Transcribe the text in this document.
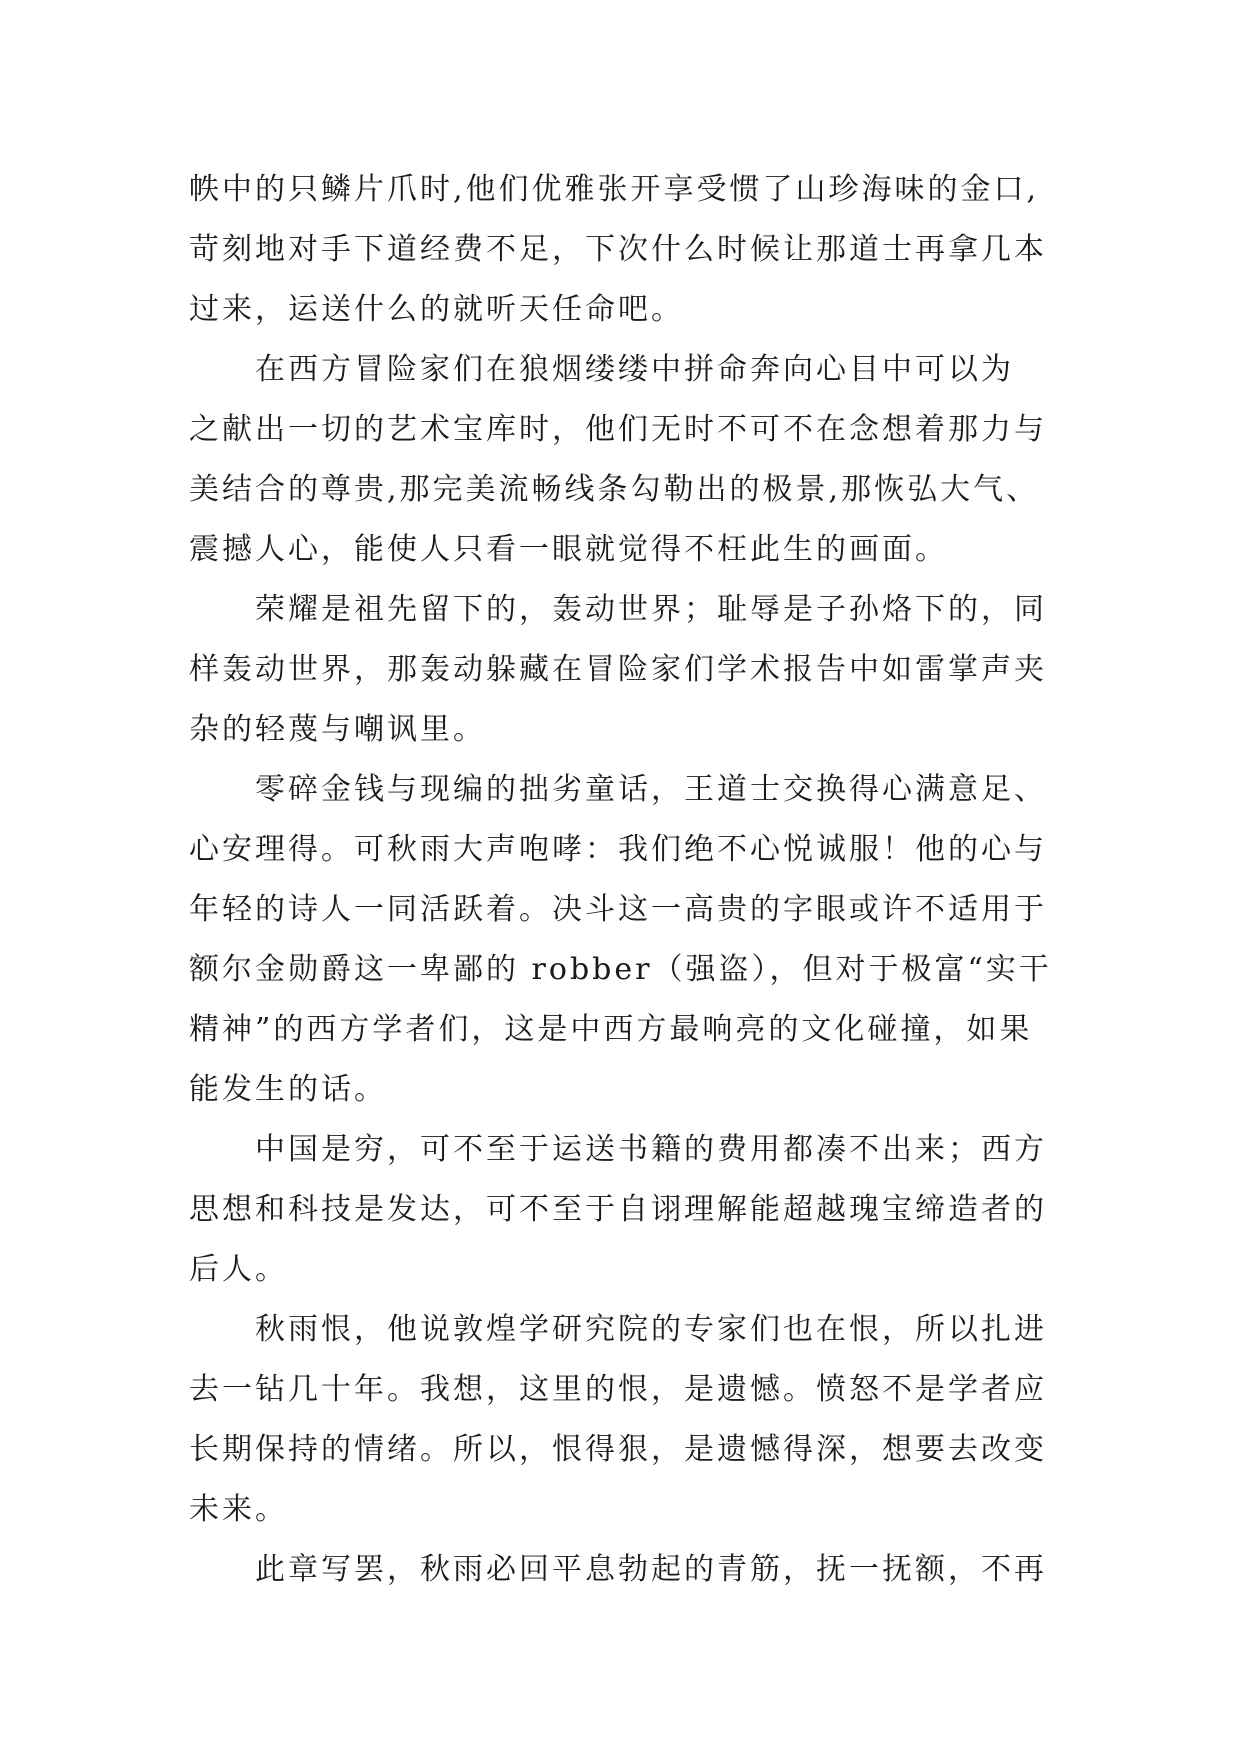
帙中的只鳞片爪时,他们优雅张开享受惯了山珍海味的金口,
苛刻地对手下道经费不足，下次什么时候让那道士再拿几本
过来，运送什么的就听天任命吧。
在西方冒险家们在狼烟缕缕中拼命奔向心目中可以为
之献出一切的艺术宝库时，他们无时不可不在念想着那力与
美结合的尊贵,那完美流畅线条勾勒出的极景,那恢弘大气、
震撼人心，能使人只看一眼就觉得不枉此生的画面。
荣耀是祖先留下的，轰动世界；耻辱是子孙烙下的，同
样轰动世界，那轰动躲藏在冒险家们学术报告中如雷掌声夹
杂的轻蔑与嘲讽里。
零碎金钱与现编的拙劣童话，王道士交换得心满意足、
心安理得。可秋雨大声咆哮：我们绝不心悦诚服！他的心与
年轻的诗人一同活跃着。决斗这一高贵的字眼或许不适用于
额尔金勋爵这一卑鄙的 robber（强盗），但对于极富“实干
精神”的西方学者们，这是中西方最响亮的文化碰撞，如果
能发生的话。
中国是穷，可不至于运送书籍的费用都凑不出来；西方
思想和科技是发达，可不至于自诩理解能超越瑰宝缔造者的
后人。
秋雨恨，他说敦煌学研究院的专家们也在恨，所以扎进
去一钻几十年。我想，这里的恨，是遗憾。愤怒不是学者应
长期保持的情绪。所以，恨得狠，是遗憾得深，想要去改变
未来。
此章写罢，秋雨必回平息勃起的青筋，抚一抚额，不再
